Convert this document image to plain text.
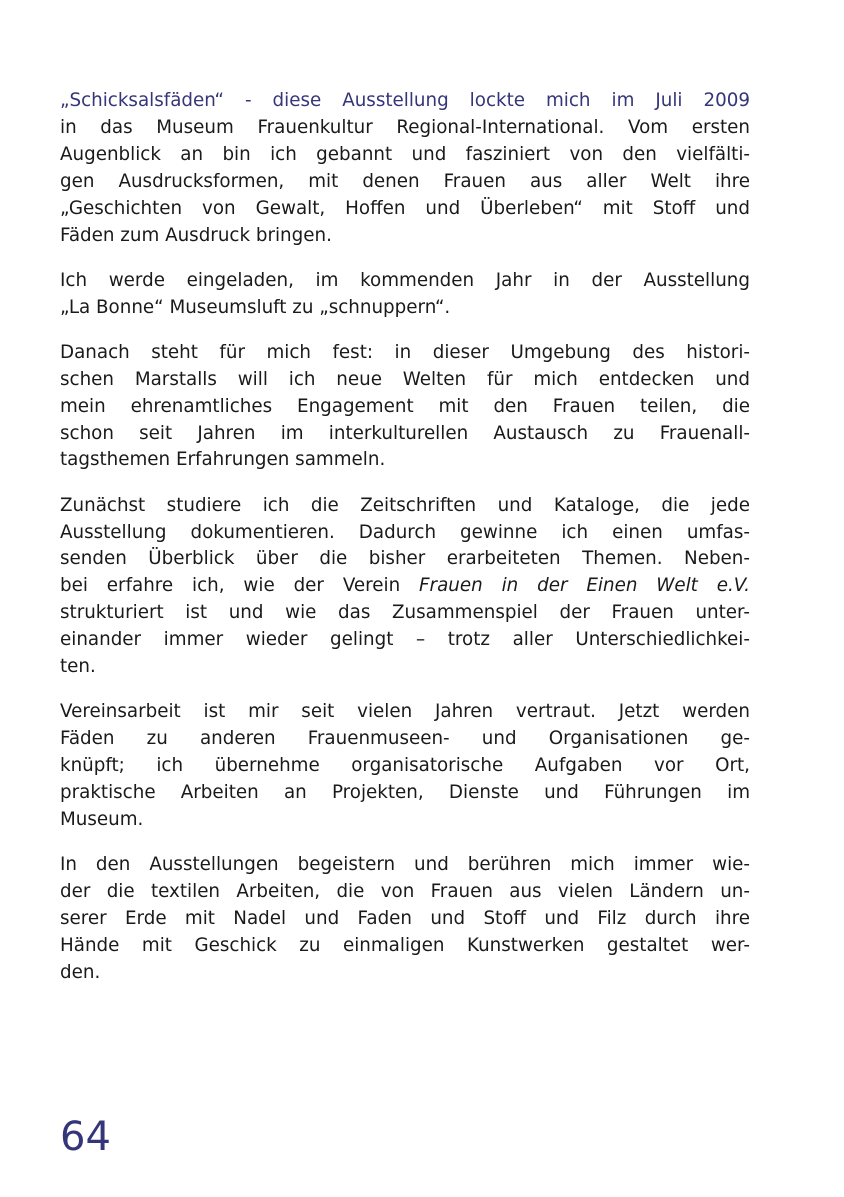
„Schicksalsfäden“ - diese Ausstellung lockte mich im Juli 2009
in das Museum Frauenkultur Regional-International. Vom ersten
Augenblick an bin ich gebannt und fasziniert von den vielfälti-
gen Ausdrucksformen, mit denen Frauen aus aller Welt ihre
„Geschichten von Gewalt, Hoffen und Überleben“ mit Stoff und
Fäden zum Ausdruck bringen.

Ich werde eingeladen, im kommenden Jahr in der Ausstellung
„La Bonne“ Museumsluft zu „schnuppern“.

Danach steht für mich fest: in dieser Umgebung des histori-
schen Marstalls will ich neue Welten für mich entdecken und
mein ehrenamtliches Engagement mit den Frauen teilen, die
schon seit Jahren im interkulturellen Austausch zu Frauenall-
tagsthemen Erfahrungen sammeln.

Zunächst studiere ich die Zeitschriften und Kataloge, die jede
Ausstellung dokumentieren. Dadurch gewinne ich einen umfas-
senden Überblick über die bisher erarbeiteten Themen. Neben-
bei erfahre ich, wie der Verein Frauen in der Einen Welt e.V.
strukturiert ist und wie das Zusammenspiel der Frauen unter-
einander immer wieder gelingt – trotz aller Unterschiedlichkei-
ten.

Vereinsarbeit ist mir seit vielen Jahren vertraut. Jetzt werden
Fäden zu anderen Frauenmuseen- und Organisationen ge-
knüpft; ich übernehme organisatorische Aufgaben vor Ort,
praktische Arbeiten an Projekten, Dienste und Führungen im
Museum.

In den Ausstellungen begeistern und berühren mich immer wie-
der die textilen Arbeiten, die von Frauen aus vielen Ländern un-
serer Erde mit Nadel und Faden und Stoff und Filz durch ihre
Hände mit Geschick zu einmaligen Kunstwerken gestaltet wer-
den.

64
